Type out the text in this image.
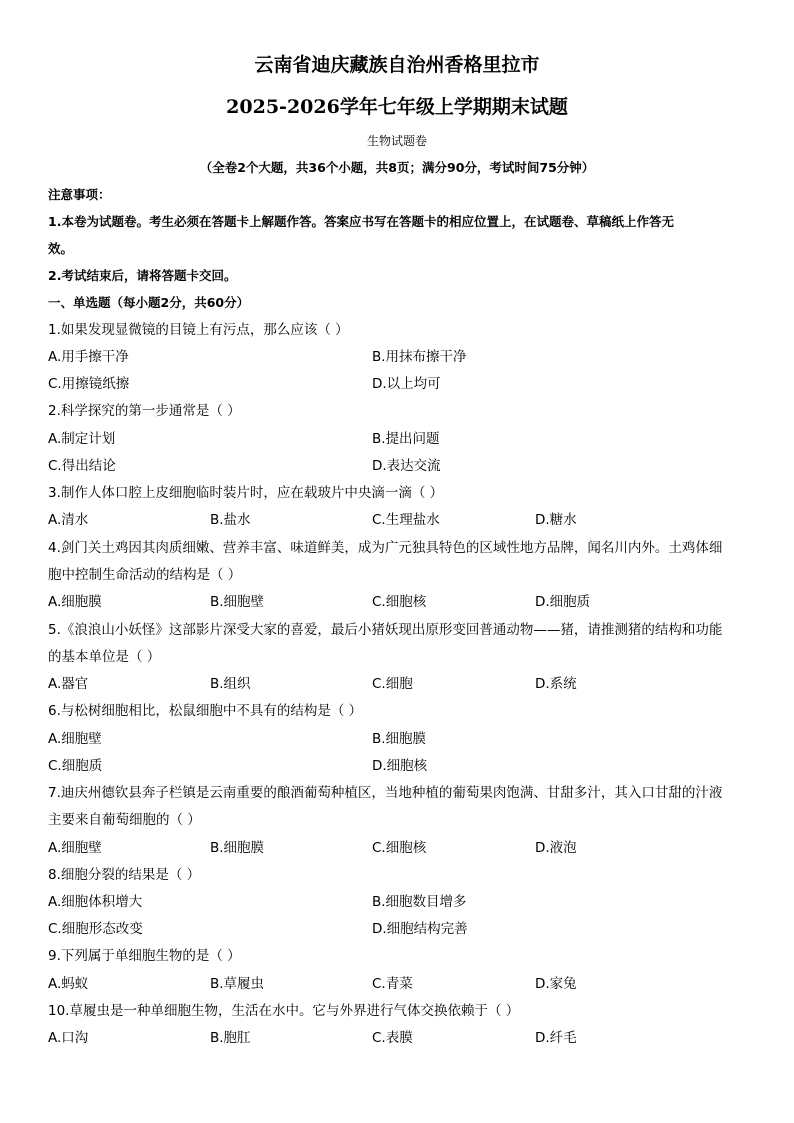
云南省迪庆藏族自治州香格里拉市
2025-2026学年七年级上学期期末试题
生物试题卷
（全卷2个大题，共36个小题，共8页；满分90分，考试时间75分钟）
注意事项：
1.本卷为试题卷。考生必须在答题卡上解题作答。答案应书写在答题卡的相应位置上，在试题卷、草稿纸上作答无
效。
2.考试结束后，请将答题卡交回。
一、单选题（每小题2分，共60分）
1.如果发现显微镜的目镜上有污点，那么应该（ ）
A.用手擦干净	B.用抹布擦干净
C.用擦镜纸擦	D.以上均可
2.科学探究的第一步通常是（ ）
A.制定计划	B.提出问题
C.得出结论	D.表达交流
3.制作人体口腔上皮细胞临时装片时，应在载玻片中央滴一滴（ ）
A.清水	B.盐水	C.生理盐水	D.糖水
4.剑门关土鸡因其肉质细嫩、营养丰富、味道鲜美，成为广元独具特色的区域性地方品牌，闻名川内外。土鸡体细
胞中控制生命活动的结构是（ ）
A.细胞膜	B.细胞壁	C.细胞核	D.细胞质
5.《浪浪山小妖怪》这部影片深受大家的喜爱，最后小猪妖现出原形变回普通动物——猪，请推测猪的结构和功能
的基本单位是（ ）
A.器官	B.组织	C.细胞	D.系统
6.与松树细胞相比，松鼠细胞中不具有的结构是（ ）
A.细胞壁	B.细胞膜
C.细胞质	D.细胞核
7.迪庆州德钦县奔子栏镇是云南重要的酿酒葡萄种植区，当地种植的葡萄果肉饱满、甘甜多汁，其入口甘甜的汁液
主要来自葡萄细胞的（ ）
A.细胞壁	B.细胞膜	C.细胞核	D.液泡
8.细胞分裂的结果是（ ）
A.细胞体积增大	B.细胞数目增多
C.细胞形态改变	D.细胞结构完善
9.下列属于单细胞生物的是（ ）
A.蚂蚁	B.草履虫	C.青菜	D.家兔
10.草履虫是一种单细胞生物，生活在水中。它与外界进行气体交换依赖于（ ）
A.口沟	B.胞肛	C.表膜	D.纤毛
